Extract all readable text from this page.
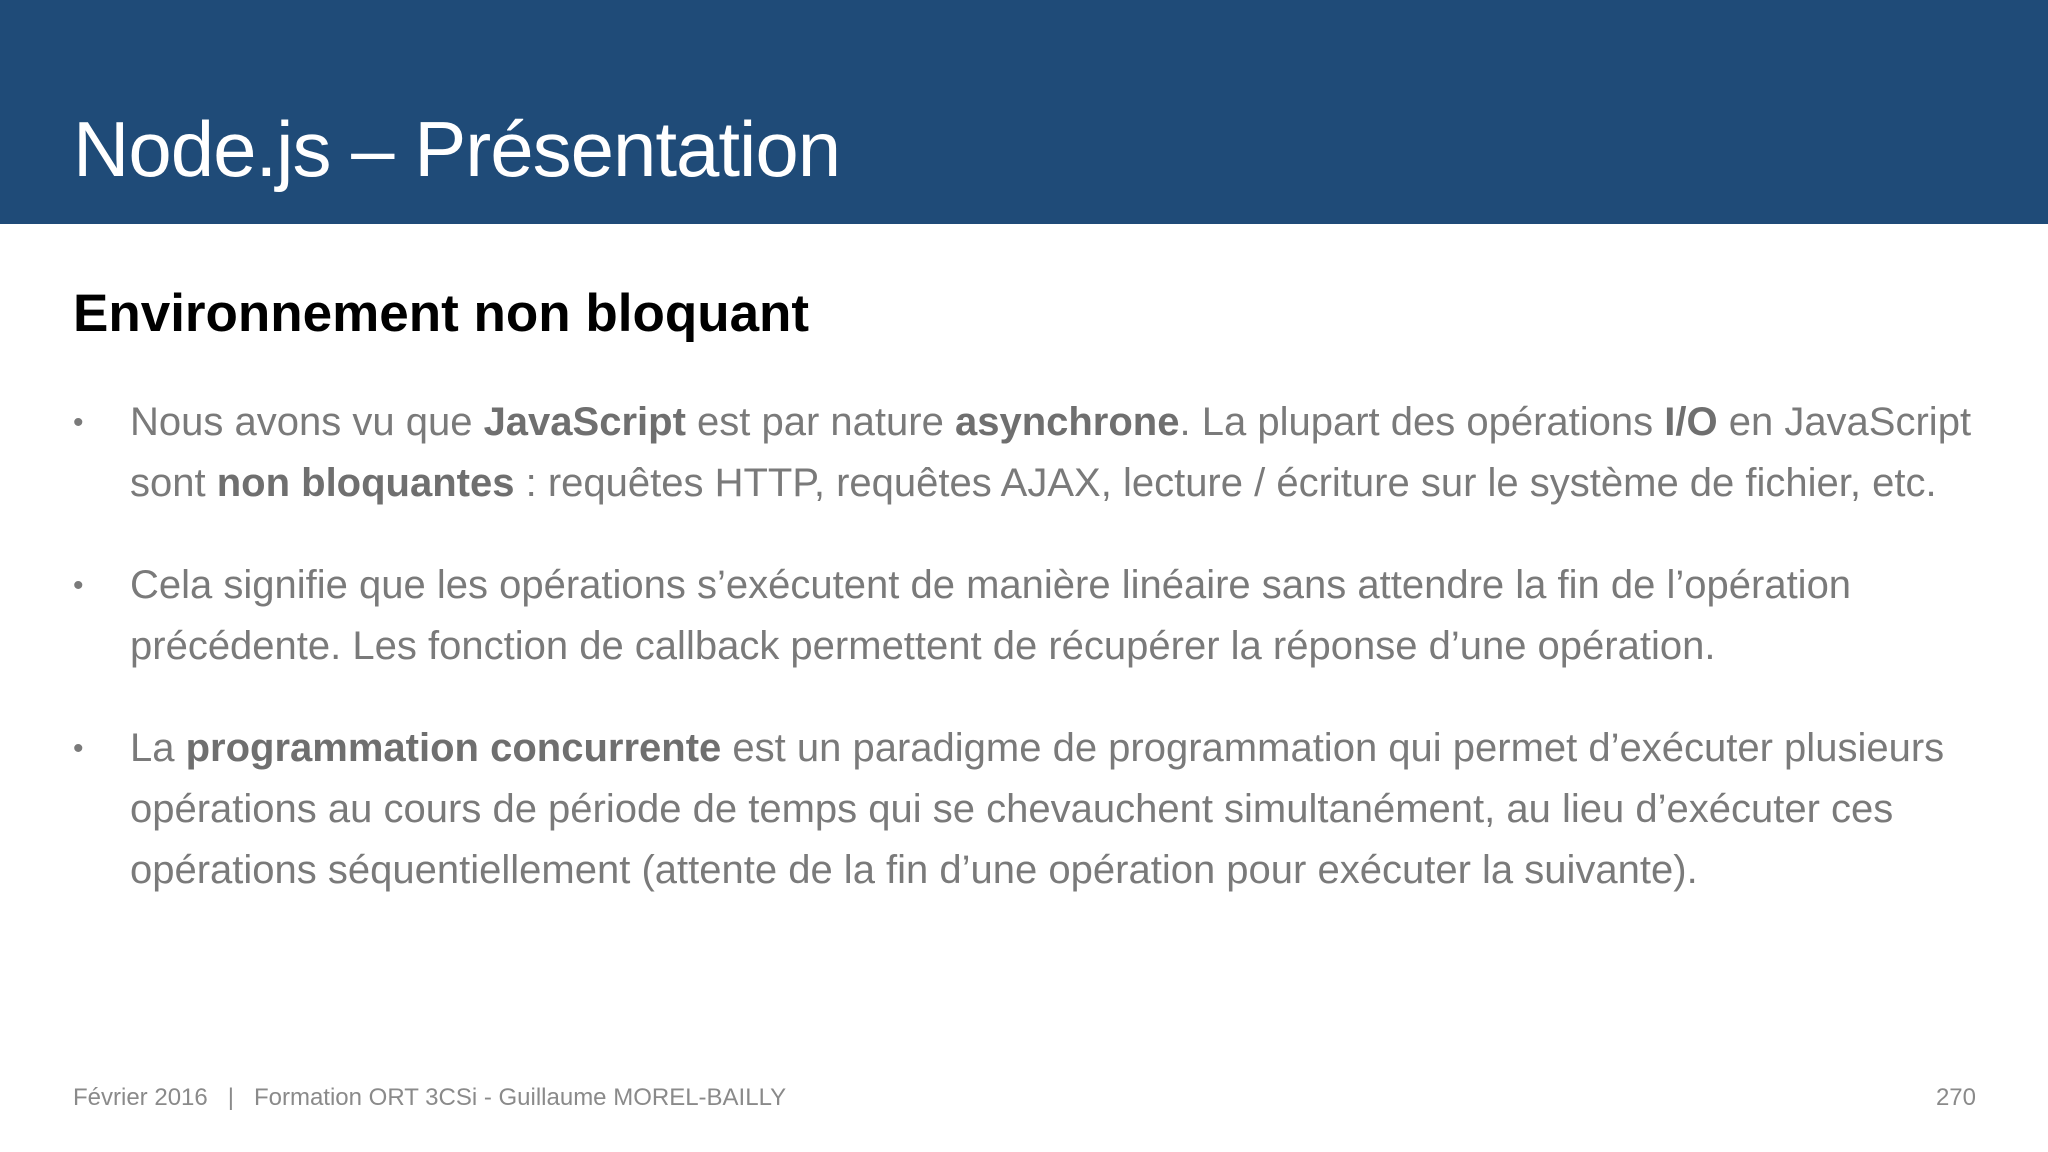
Node.js – Présentation
Environnement non bloquant
• Nous avons vu que JavaScript est par nature asynchrone. La plupart des opérations I/O en JavaScript sont non bloquantes : requêtes HTTP, requêtes AJAX, lecture / écriture sur le système de fichier, etc.
• Cela signifie que les opérations s’exécutent de manière linéaire sans attendre la fin de l’opération précédente. Les fonction de callback permettent de récupérer la réponse d’une opération.
• La programmation concurrente est un paradigme de programmation qui permet d’exécuter plusieurs opérations au cours de période de temps qui se chevauchent simultanément, au lieu d’exécuter ces opérations séquentiellement (attente de la fin d’une opération pour exécuter la suivante).
Février 2016 | Formation ORT 3CSi - Guillaume MOREL-BAILLY	270
